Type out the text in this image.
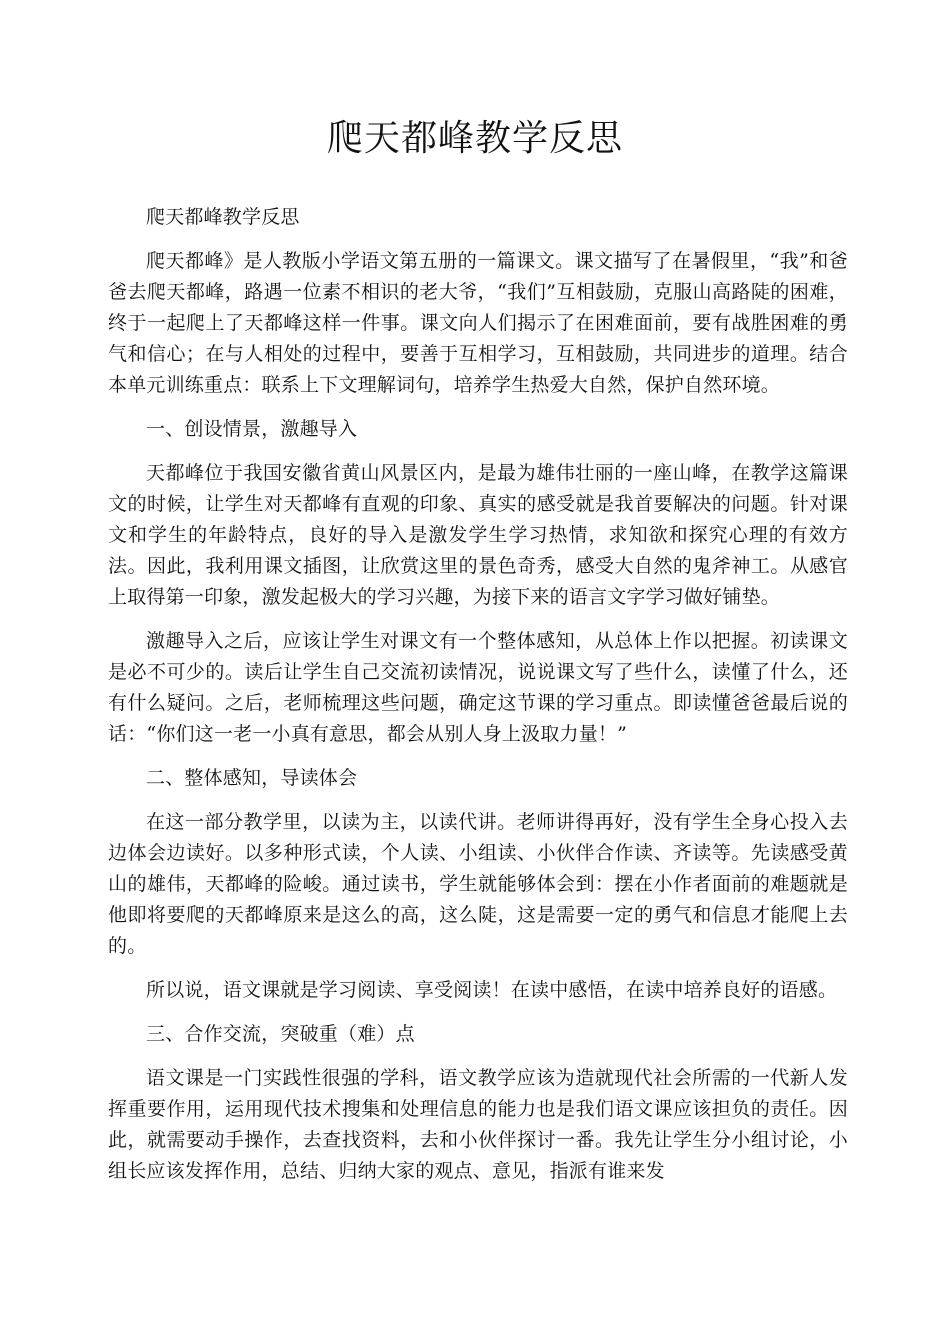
爬天都峰教学反思

爬天都峰教学反思

爬天都峰》是人教版小学语文第五册的一篇课文。课文描写了在暑假里，“我”和爸爸去爬天都峰，路遇一位素不相识的老大爷，“我们”互相鼓励，克服山高路陡的困难，终于一起爬上了天都峰这样一件事。课文向人们揭示了在困难面前，要有战胜困难的勇气和信心；在与人相处的过程中，要善于互相学习，互相鼓励，共同进步的道理。结合本单元训练重点：联系上下文理解词句，培养学生热爱大自然，保护自然环境。

一、创设情景，激趣导入

天都峰位于我国安徽省黄山风景区内，是最为雄伟壮丽的一座山峰，在教学这篇课文的时候，让学生对天都峰有直观的印象、真实的感受就是我首要解决的问题。针对课文和学生的年龄特点，良好的导入是激发学生学习热情，求知欲和探究心理的有效方法。因此，我利用课文插图，让欣赏这里的景色奇秀，感受大自然的鬼斧神工。从感官上取得第一印象，激发起极大的学习兴趣，为接下来的语言文字学习做好铺垫。

激趣导入之后，应该让学生对课文有一个整体感知，从总体上作以把握。初读课文是必不可少的。读后让学生自己交流初读情况，说说课文写了些什么，读懂了什么，还有什么疑问。之后，老师梳理这些问题，确定这节课的学习重点。即读懂爸爸最后说的话：“你们这一老一小真有意思，都会从别人身上汲取力量！”

二、整体感知，导读体会

在这一部分教学里，以读为主，以读代讲。老师讲得再好，没有学生全身心投入去边体会边读好。以多种形式读，个人读、小组读、小伙伴合作读、齐读等。先读感受黄山的雄伟，天都峰的险峻。通过读书，学生就能够体会到：摆在小作者面前的难题就是他即将要爬的天都峰原来是这么的高，这么陡，这是需要一定的勇气和信息才能爬上去的。

所以说，语文课就是学习阅读、享受阅读！在读中感悟，在读中培养良好的语感。

三、合作交流，突破重（难）点

语文课是一门实践性很强的学科，语文教学应该为造就现代社会所需的一代新人发挥重要作用，运用现代技术搜集和处理信息的能力也是我们语文课应该担负的责任。因此，就需要动手操作，去查找资料，去和小伙伴探讨一番。我先让学生分小组讨论，小组长应该发挥作用，总结、归纳大家的观点、意见，指派有谁来发
